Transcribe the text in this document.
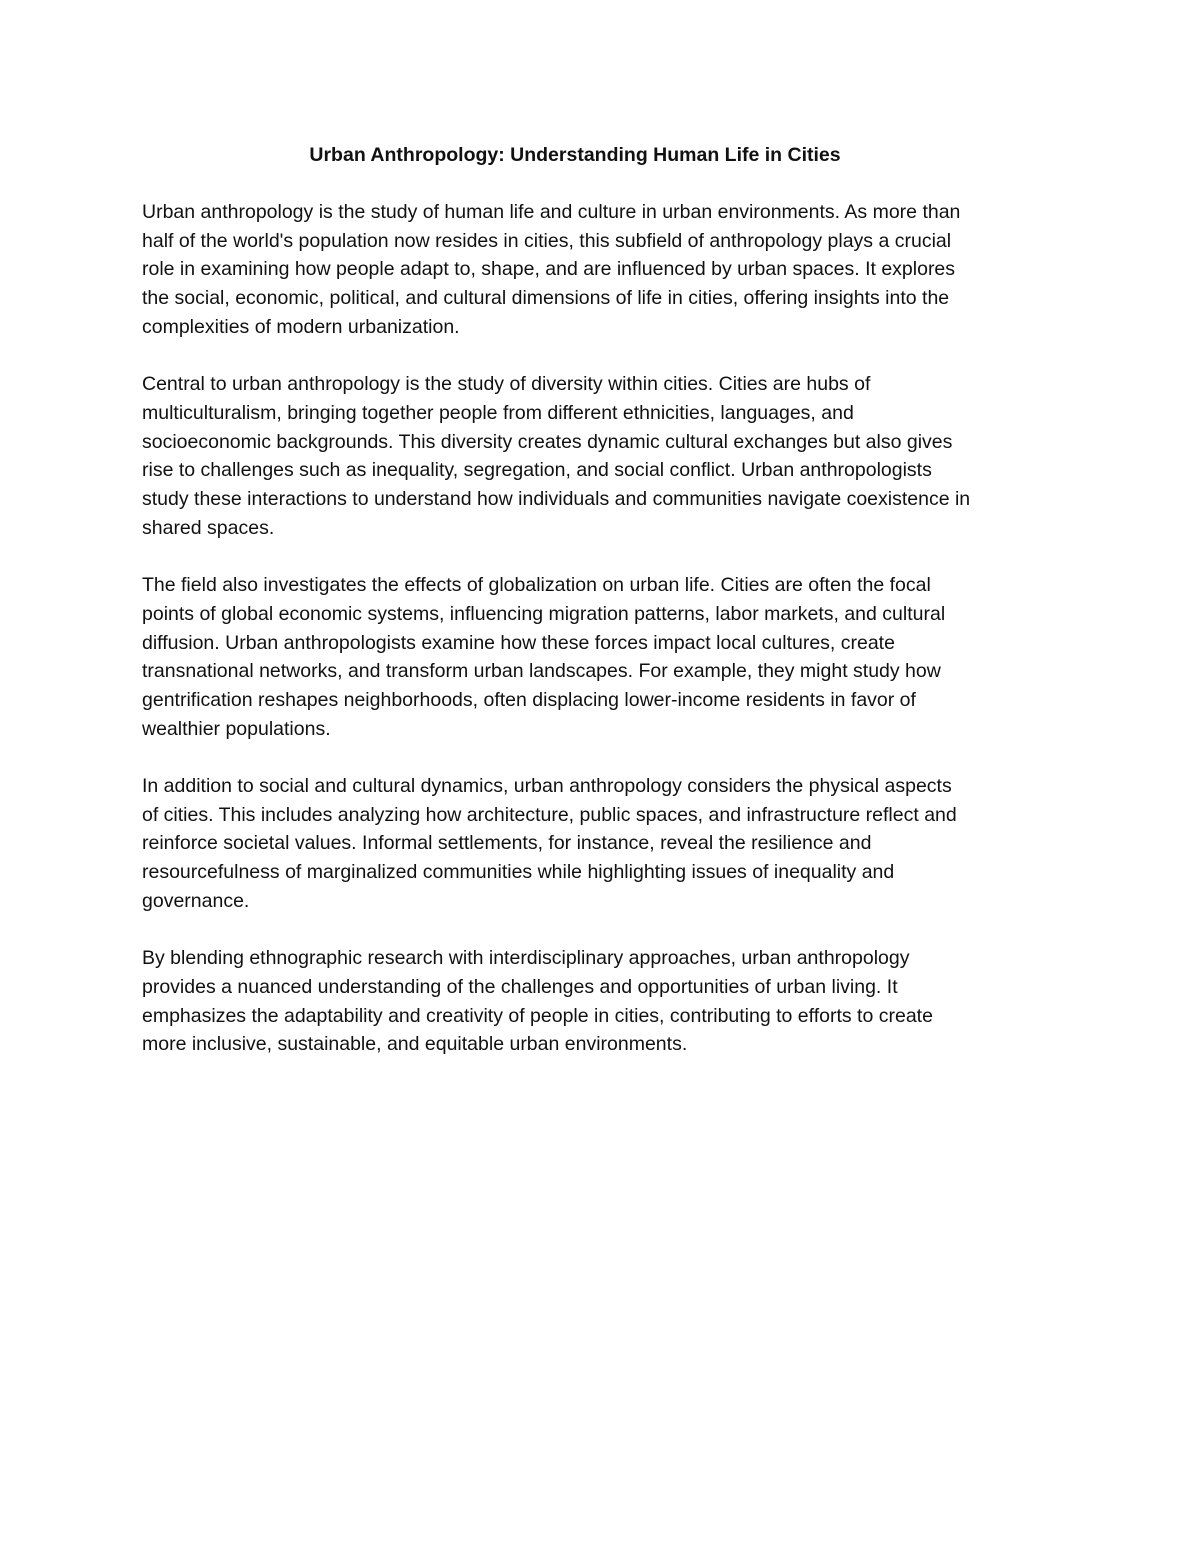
Urban Anthropology: Understanding Human Life in Cities

Urban anthropology is the study of human life and culture in urban environments. As more than
half of the world's population now resides in cities, this subfield of anthropology plays a crucial
role in examining how people adapt to, shape, and are influenced by urban spaces. It explores
the social, economic, political, and cultural dimensions of life in cities, offering insights into the
complexities of modern urbanization.

Central to urban anthropology is the study of diversity within cities. Cities are hubs of
multiculturalism, bringing together people from different ethnicities, languages, and
socioeconomic backgrounds. This diversity creates dynamic cultural exchanges but also gives
rise to challenges such as inequality, segregation, and social conflict. Urban anthropologists
study these interactions to understand how individuals and communities navigate coexistence in
shared spaces.

The field also investigates the effects of globalization on urban life. Cities are often the focal
points of global economic systems, influencing migration patterns, labor markets, and cultural
diffusion. Urban anthropologists examine how these forces impact local cultures, create
transnational networks, and transform urban landscapes. For example, they might study how
gentrification reshapes neighborhoods, often displacing lower-income residents in favor of
wealthier populations.

In addition to social and cultural dynamics, urban anthropology considers the physical aspects
of cities. This includes analyzing how architecture, public spaces, and infrastructure reflect and
reinforce societal values. Informal settlements, for instance, reveal the resilience and
resourcefulness of marginalized communities while highlighting issues of inequality and
governance.

By blending ethnographic research with interdisciplinary approaches, urban anthropology
provides a nuanced understanding of the challenges and opportunities of urban living. It
emphasizes the adaptability and creativity of people in cities, contributing to efforts to create
more inclusive, sustainable, and equitable urban environments.
